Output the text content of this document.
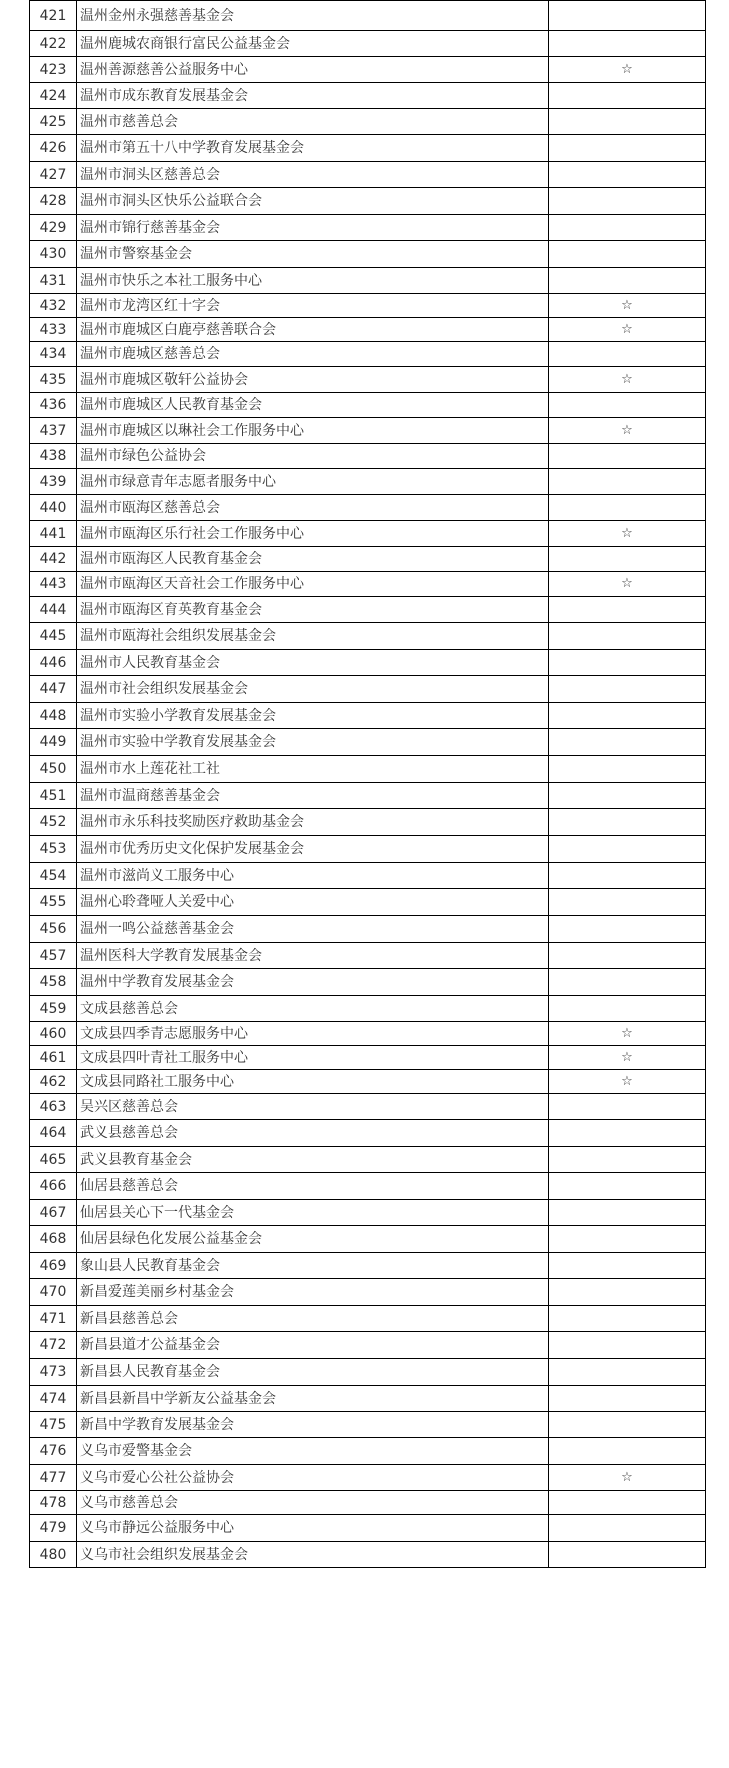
421	温州金州永强慈善基金会	
422	温州鹿城农商银行富民公益基金会	
423	温州善源慈善公益服务中心	☆
424	温州市成东教育发展基金会	
425	温州市慈善总会	
426	温州市第五十八中学教育发展基金会	
427	温州市洞头区慈善总会	
428	温州市洞头区快乐公益联合会	
429	温州市锦行慈善基金会	
430	温州市警察基金会	
431	温州市快乐之本社工服务中心	
432	温州市龙湾区红十字会	☆
433	温州市鹿城区白鹿亭慈善联合会	☆
434	温州市鹿城区慈善总会	
435	温州市鹿城区敬轩公益协会	☆
436	温州市鹿城区人民教育基金会	
437	温州市鹿城区以琳社会工作服务中心	☆
438	温州市绿色公益协会	
439	温州市绿意青年志愿者服务中心	
440	温州市瓯海区慈善总会	
441	温州市瓯海区乐行社会工作服务中心	☆
442	温州市瓯海区人民教育基金会	
443	温州市瓯海区天音社会工作服务中心	☆
444	温州市瓯海区育英教育基金会	
445	温州市瓯海社会组织发展基金会	
446	温州市人民教育基金会	
447	温州市社会组织发展基金会	
448	温州市实验小学教育发展基金会	
449	温州市实验中学教育发展基金会	
450	温州市水上莲花社工社	
451	温州市温商慈善基金会	
452	温州市永乐科技奖励医疗救助基金会	
453	温州市优秀历史文化保护发展基金会	
454	温州市滋尚义工服务中心	
455	温州心聆聋哑人关爱中心	
456	温州一鸣公益慈善基金会	
457	温州医科大学教育发展基金会	
458	温州中学教育发展基金会	
459	文成县慈善总会	
460	文成县四季青志愿服务中心	☆
461	文成县四叶青社工服务中心	☆
462	文成县同路社工服务中心	☆
463	吴兴区慈善总会	
464	武义县慈善总会	
465	武义县教育基金会	
466	仙居县慈善总会	
467	仙居县关心下一代基金会	
468	仙居县绿色化发展公益基金会	
469	象山县人民教育基金会	
470	新昌爱莲美丽乡村基金会	
471	新昌县慈善总会	
472	新昌县道才公益基金会	
473	新昌县人民教育基金会	
474	新昌县新昌中学新友公益基金会	
475	新昌中学教育发展基金会	
476	义乌市爱警基金会	
477	义乌市爱心公社公益协会	☆
478	义乌市慈善总会	
479	义乌市静远公益服务中心	
480	义乌市社会组织发展基金会	
